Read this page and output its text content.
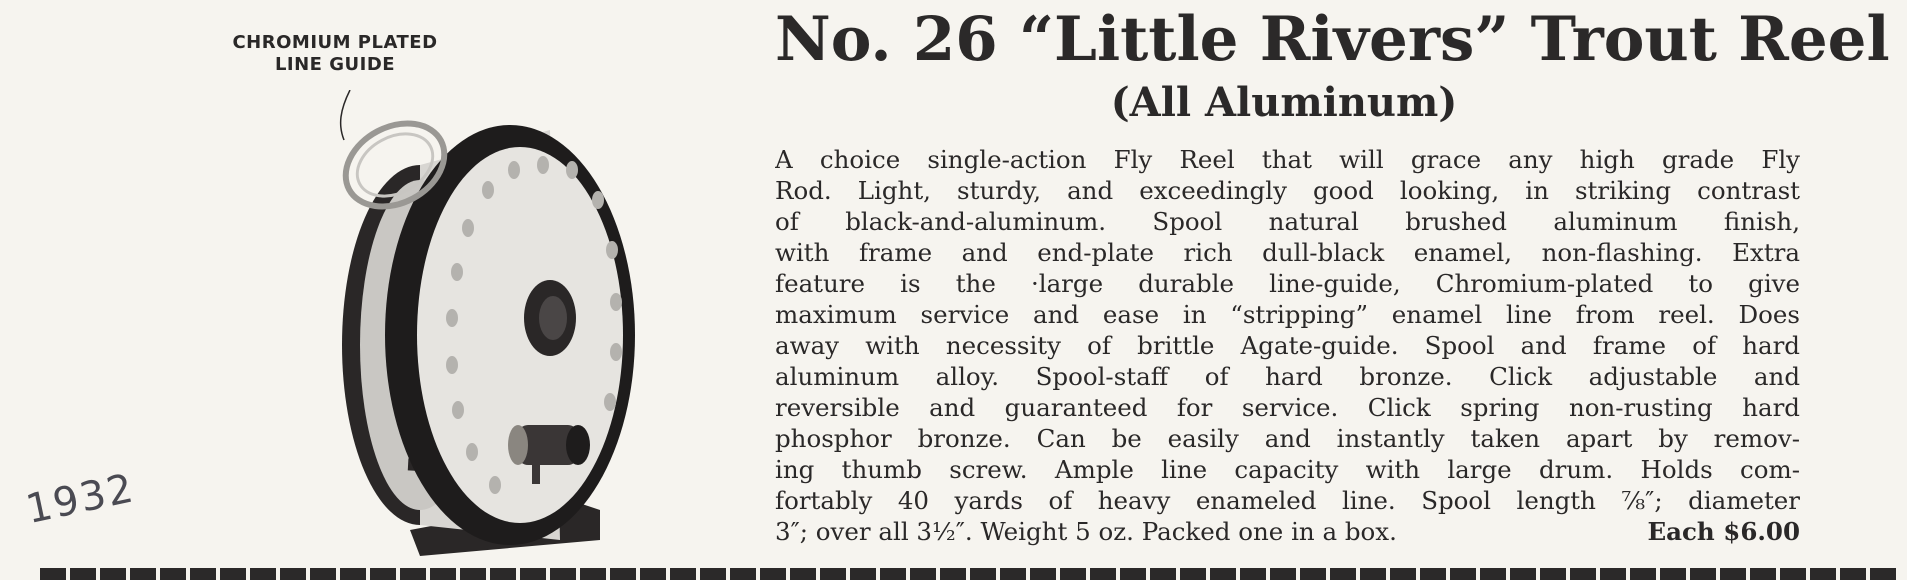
CHROMIUM PLATED
LINE GUIDE
1932
No. 26 “Little Rivers” Trout Reel
(All Aluminum)
A choice single-action Fly Reel that will grace any high grade Fly
Rod. Light, sturdy, and exceedingly good looking, in striking contrast
of black-and-aluminum. Spool natural brushed aluminum finish,
with frame and end-plate rich dull-black enamel, non-flashing. Extra
feature is the ·large durable line-guide, Chromium-plated to give
maximum service and ease in “stripping” enamel line from reel. Does
away with necessity of brittle Agate-guide. Spool and frame of hard
aluminum alloy. Spool-staff of hard bronze. Click adjustable and
reversible and guaranteed for service. Click spring non-rusting hard
phosphor bronze. Can be easily and instantly taken apart by remov-
ing thumb screw. Ample line capacity with large drum. Holds com-
fortably 40 yards of heavy enameled line. Spool length ⅞″; diameter
3″; over all 3½″. Weight 5 oz. Packed one in a box.	Each $6.00
